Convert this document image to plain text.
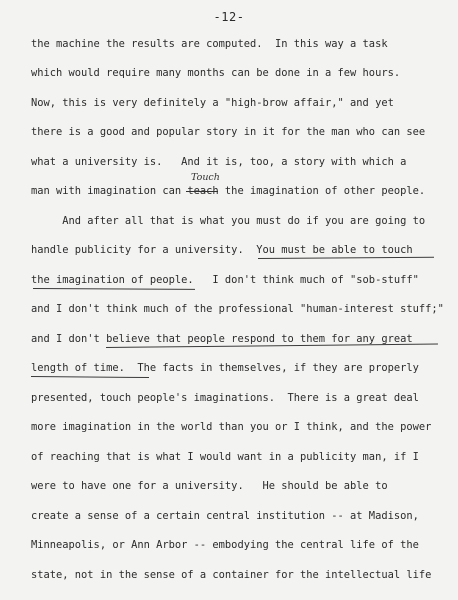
-12-
the machine the results are computed.  In this way a task
which would require many months can be done in a few hours.
Now, this is very definitely a "high-brow affair," and yet
there is a good and popular story in it for the man who can see
what a university is.   And it is, too, a story with which a
man with imagination can teach the imagination of other people.
And after all that is what you must do if you are going to
handle publicity for a university.  You must be able to touch
the imagination of people.   I don't think much of "sob-stuff"
and I don't think much of the professional "human-interest stuff;"
and I don't believe that people respond to them for any great
length of time.  The facts in themselves, if they are properly
presented, touch people's imaginations.  There is a great deal
more imagination in the world than you or I think, and the power
of reaching that is what I would want in a publicity man, if I
were to have one for a university.   He should be able to
create a sense of a certain central institution -- at Madison,
Minneapolis, or Ann Arbor -- embodying the central life of the
state, not in the sense of a container for the intellectual life
Touch
